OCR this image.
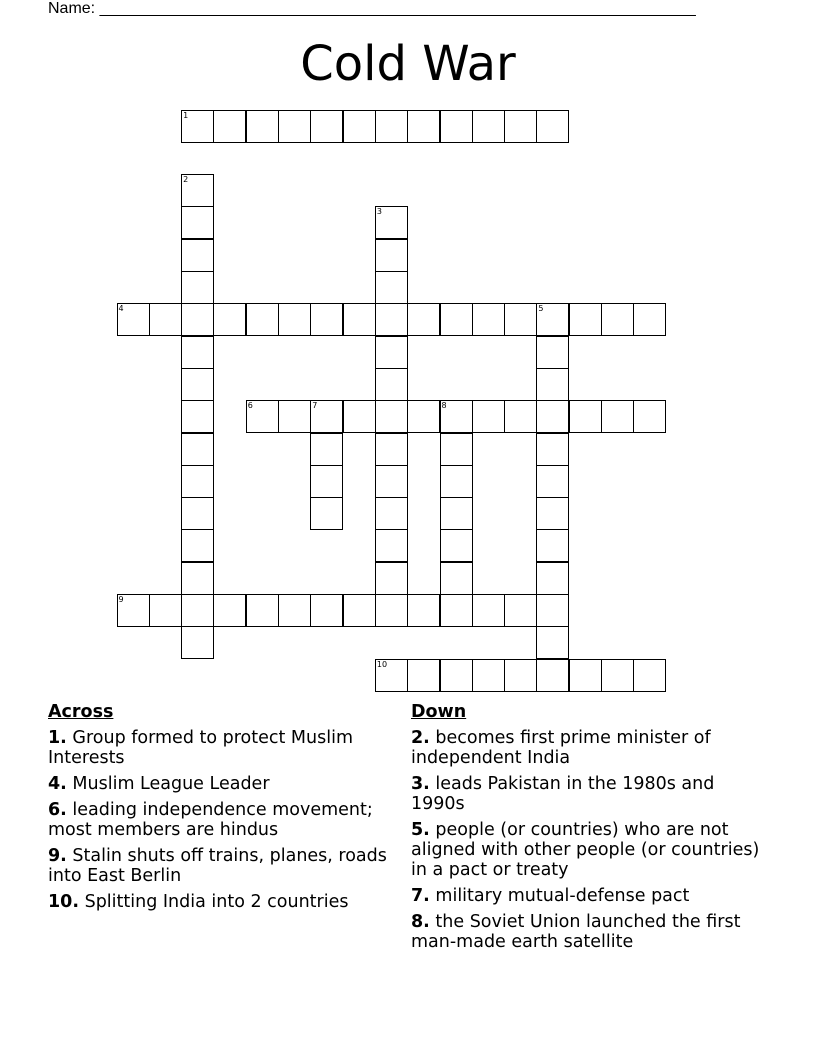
Name: ___________________________________________________________________
Cold War
1
2
3
4	5
6	7	8
9
10
Across
1. Group formed to protect Muslim Interests
4. Muslim League Leader
6. leading independence movement; most members are hindus
9. Stalin shuts off trains, planes, roads into East Berlin
10. Splitting India into 2 countries
Down
2. becomes first prime minister of independent India
3. leads Pakistan in the 1980s and 1990s
5. people (or countries) who are not aligned with other people (or countries) in a pact or treaty
7. military mutual-defense pact
8. the Soviet Union launched the first man-made earth satellite
